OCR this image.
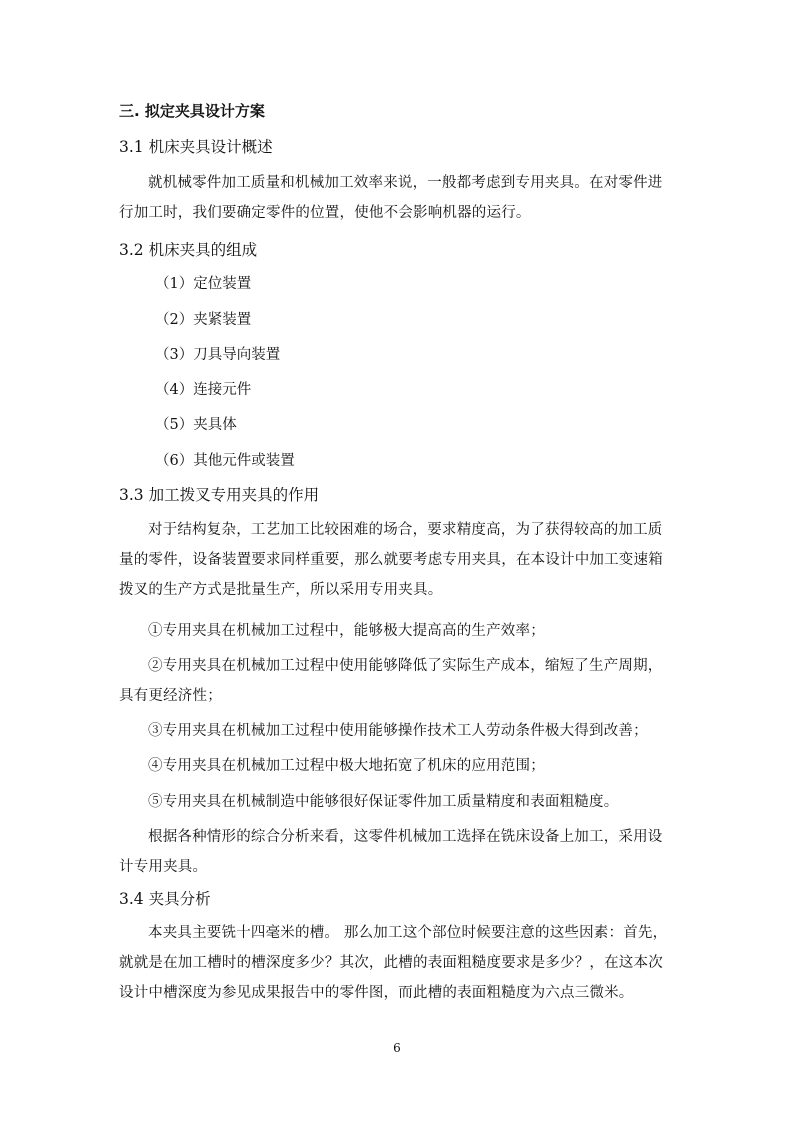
三. 拟定夹具设计方案
3.1 机床夹具设计概述
就机械零件加工质量和机械加工效率来说，一般都考虑到专用夹具。在对零件进行加工时，我们要确定零件的位置，使他不会影响机器的运行。
3.2 机床夹具的组成
（1）定位装置
（2）夹紧装置
（3）刀具导向装置
（4）连接元件
（5）夹具体
（6）其他元件或装置
3.3 加工拨叉专用夹具的作用
对于结构复杂，工艺加工比较困难的场合，要求精度高，为了获得较高的加工质量的零件，设备装置要求同样重要，那么就要考虑专用夹具，在本设计中加工变速箱拨叉的生产方式是批量生产，所以采用专用夹具。
①专用夹具在机械加工过程中，能够极大提高高的生产效率；
②专用夹具在机械加工过程中使用能够降低了实际生产成本，缩短了生产周期，具有更经济性；
③专用夹具在机械加工过程中使用能够操作技术工人劳动条件极大得到改善；
④专用夹具在机械加工过程中极大地拓宽了机床的应用范围；
⑤专用夹具在机械制造中能够很好保证零件加工质量精度和表面粗糙度。
根据各种情形的综合分析来看，这零件机械加工选择在铣床设备上加工，采用设计专用夹具。
3.4 夹具分析
本夹具主要铣十四毫米的槽。 那么加工这个部位时候要注意的这些因素：首先，就就是在加工槽时的槽深度多少？其次，此槽的表面粗糙度要求是多少？，在这本次设计中槽深度为参见成果报告中的零件图，而此槽的表面粗糙度为六点三微米。
6
